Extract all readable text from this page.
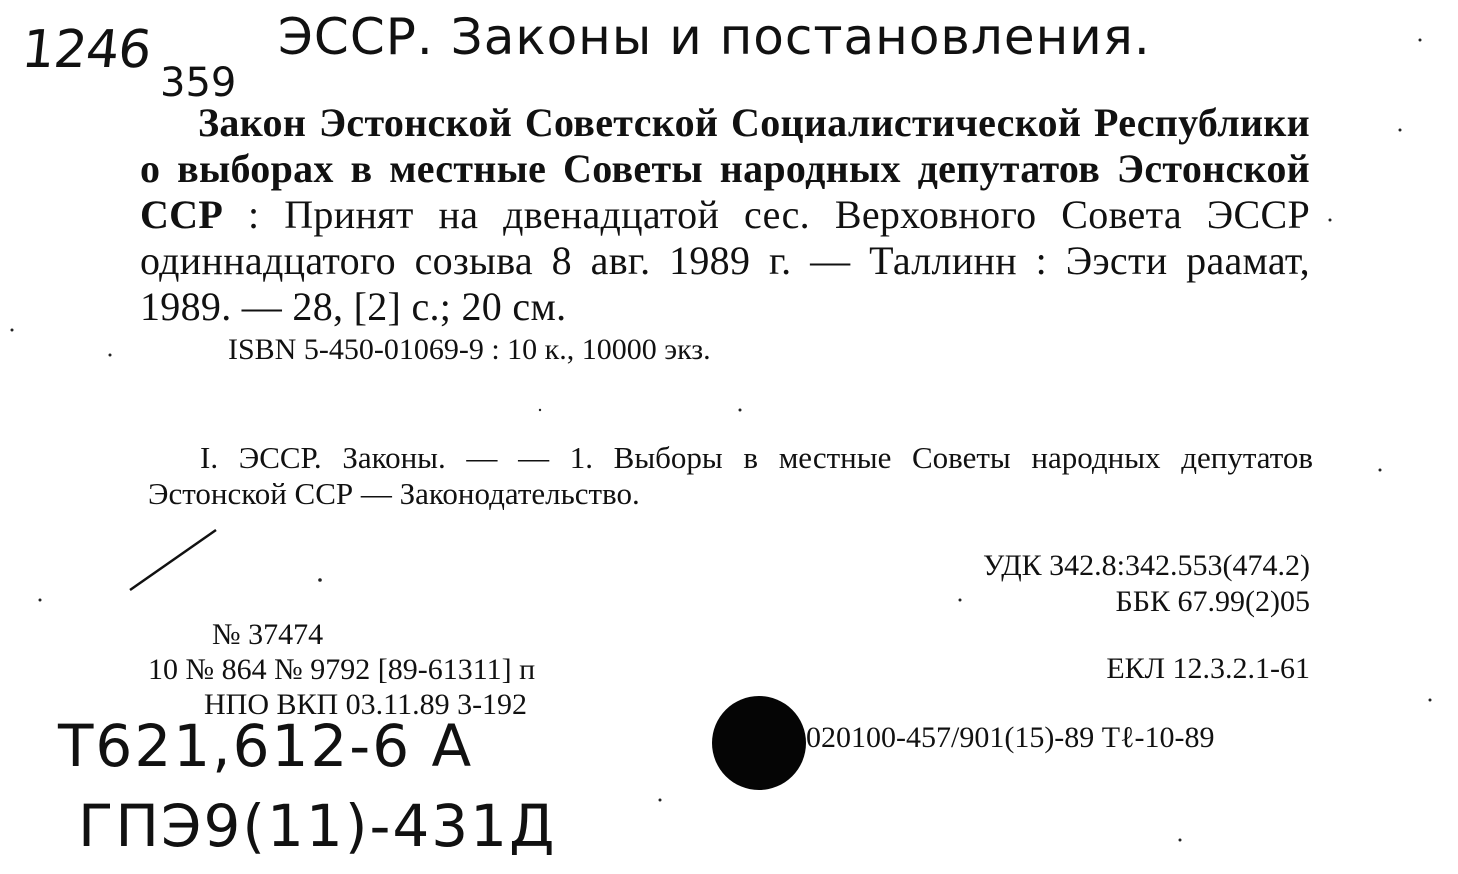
1246
359
ЭССР. Законы и постановления.
Закон Эстонской Советской Социалистической Республики о выборах в местные Советы народных депутатов Эстонской ССР : Принят на двенадцатой сес. Верховного Совета ЭССР одиннадцатого созыва 8 авг. 1989 г. — Таллинн : Ээсти раамат, 1989. — 28, [2] с.; 20 см.
ISBN 5-450-01069-9 : 10 к., 10000 экз.
I. ЭССР. Законы. — — 1. Выборы в местные Советы народных депутатов Эстонской ССР — Законодательство.
УДК 342.8:342.553(474.2)
ББК 67.99(2)05
№ 37474
10 № 864 № 9792 [89-61311] п
НПО ВКП 03.11.89 3-192
ЕКЛ 12.3.2.1-61
020100-457/901(15)-89 Тℓ-10-89
T621,612-6 A
ГПЭ9(11)-431Д
